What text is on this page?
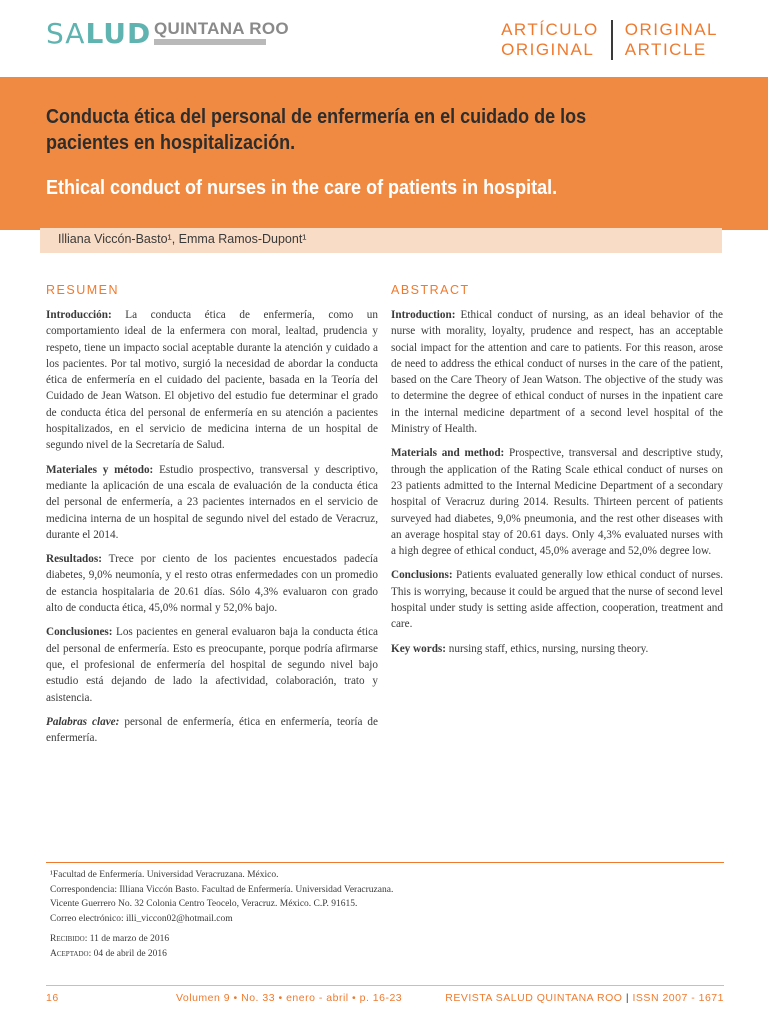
SALUD QUINTANA ROO	ARTÍCULO
ORIGINAL
ORIGINAL
ARTICLE
Conducta ética del personal de enfermería en el cuidado de los pacientes en hospitalización.
Ethical conduct of nurses in the care of patients in hospital.
Illiana Viccón-Basto¹, Emma Ramos-Dupont¹
RESUMEN

Introducción: La conducta ética de enfermería, como un comportamiento ideal de la enfermera con moral, lealtad, prudencia y respeto, tiene un impacto social aceptable durante la atención y cuidado a los pacientes. Por tal motivo, surgió la necesidad de abordar la conducta ética de enfermería en el cuidado del paciente, basada en la Teoría del Cuidado de Jean Watson. El objetivo del estudio fue determinar el grado de conducta ética del personal de enfermería en su atención a pacientes hospitalizados, en el servicio de medicina interna de un hospital de segundo nivel de la Secretaría de Salud.

Materiales y método: Estudio prospectivo, transversal y descriptivo, mediante la aplicación de una escala de evaluación de la conducta ética del personal de enfermería, a 23 pacientes internados en el servicio de medicina interna de un hospital de segundo nivel del estado de Veracruz, durante el 2014.

Resultados: Trece por ciento de los pacientes encuestados padecía diabetes, 9,0% neumonía, y el resto otras enfermedades con un promedio de estancia hospitalaria de 20.61 días. Sólo 4,3% evaluaron con grado alto de conducta ética, 45,0% normal y 52,0% bajo.

Conclusiones: Los pacientes en general evaluaron baja la conducta ética del personal de enfermería. Esto es preocupante, porque podría afirmarse que, el profesional de enfermería del hospital de segundo nivel bajo estudio está dejando de lado la afectividad, colaboración, trato y asistencia.

Palabras clave: personal de enfermería, ética en enfermería, teoría de enfermería.

ABSTRACT

Introduction: Ethical conduct of nursing, as an ideal behavior of the nurse with morality, loyalty, prudence and respect, has an acceptable social impact for the attention and care to patients. For this reason, arose de need to address the ethical conduct of nurses in the care of the patient, based on the Care Theory of Jean Watson. The objective of the study was to determine the degree of ethical conduct of nurses in the inpatient care in the internal medicine department of a second level hospital of the Ministry of Health.

Materials and method: Prospective, transversal and descriptive study, through the application of the Rating Scale ethical conduct of nurses on 23 patients admitted to the Internal Medicine Department of a secondary hospital of Veracruz during 2014. Results. Thirteen percent of patients surveyed had diabetes, 9,0% pneumonia, and the rest other diseases with an average hospital stay of 20.61 days. Only 4,3% evaluated nurses with a high degree of ethical conduct, 45,0% average and 52,0% degree low.

Conclusions: Patients evaluated generally low ethical conduct of nurses. This is worrying, because it could be argued that the nurse of second level hospital under study is setting aside affection, cooperation, treatment and care.

Key words: nursing staff, ethics, nursing, nursing theory.

¹Facultad de Enfermería. Universidad Veracruzana. México.
Correspondencia: Illiana Viccón Basto. Facultad de Enfermería. Universidad Veracruzana.
Vicente Guerrero No. 32 Colonia Centro Teocelo, Veracruz. México. C.P. 91615.
Correo electrónico: illi_viccon02@hotmail.com
Recibido: 11 de marzo de 2016
Aceptado: 04 de abril de 2016
16	Volumen 9 • No. 33 • enero - abril • p. 16-23	REVISTA SALUD QUINTANA ROO | ISSN 2007 - 1671
